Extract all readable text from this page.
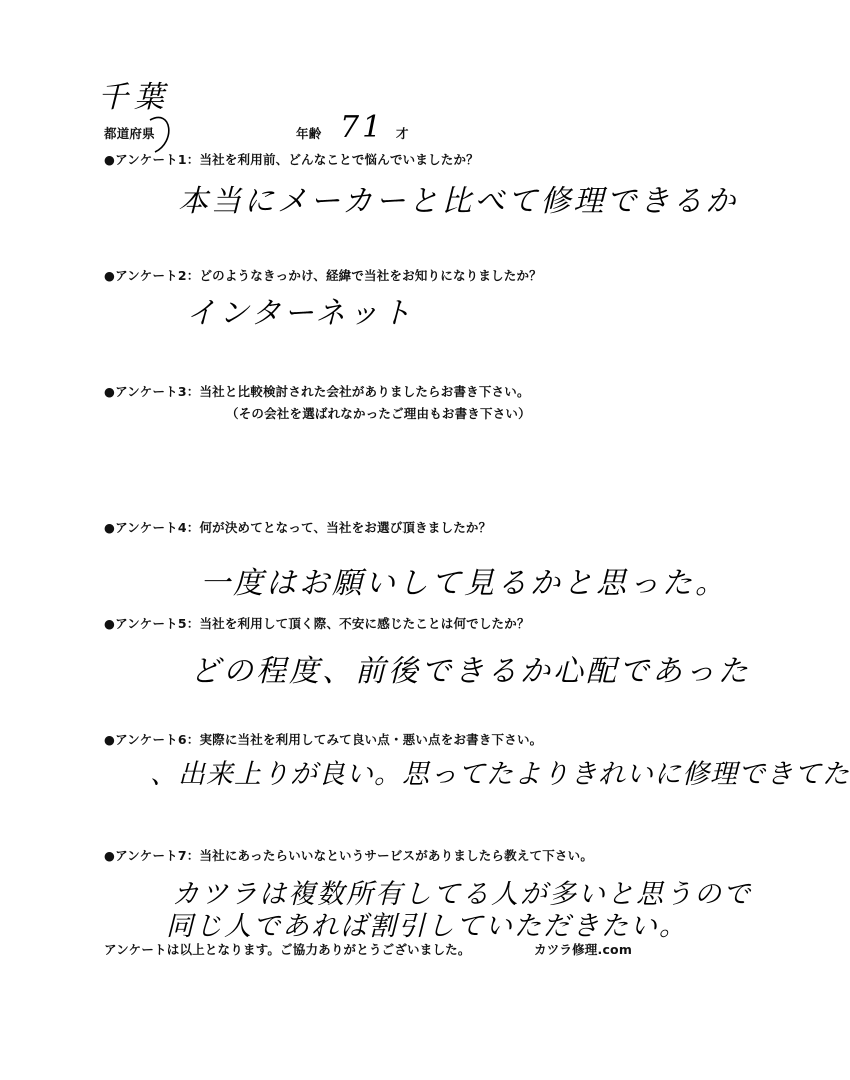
千葉
都道府県	年齢 71 才
●アンケート1：当社を利用前、どんなことで悩んでいましたか？
本当にメーカーと比べて修理できるか
●アンケート2：どのようなきっかけ、経緯で当社をお知りになりましたか？
インターネット
●アンケート3：当社と比較検討された会社がありましたらお書き下さい。
（その会社を選ばれなかったご理由もお書き下さい）
●アンケート4：何が決めてとなって、当社をお選び頂きましたか？
一度はお願いして見るかと思った。
●アンケート5：当社を利用して頂く際、不安に感じたことは何でしたか？
どの程度、前後できるか心配であった
●アンケート6：実際に当社を利用してみて良い点・悪い点をお書き下さい。
、出来上りが良い。思ってたよりきれいに修理できてた
●アンケート7：当社にあったらいいなというサービスがありましたら教えて下さい。
カツラは複数所有してる人が多いと思うので
同じ人であれば割引していただきたい。
アンケートは以上となります。ご協力ありがとうございました。	カツラ修理.com
